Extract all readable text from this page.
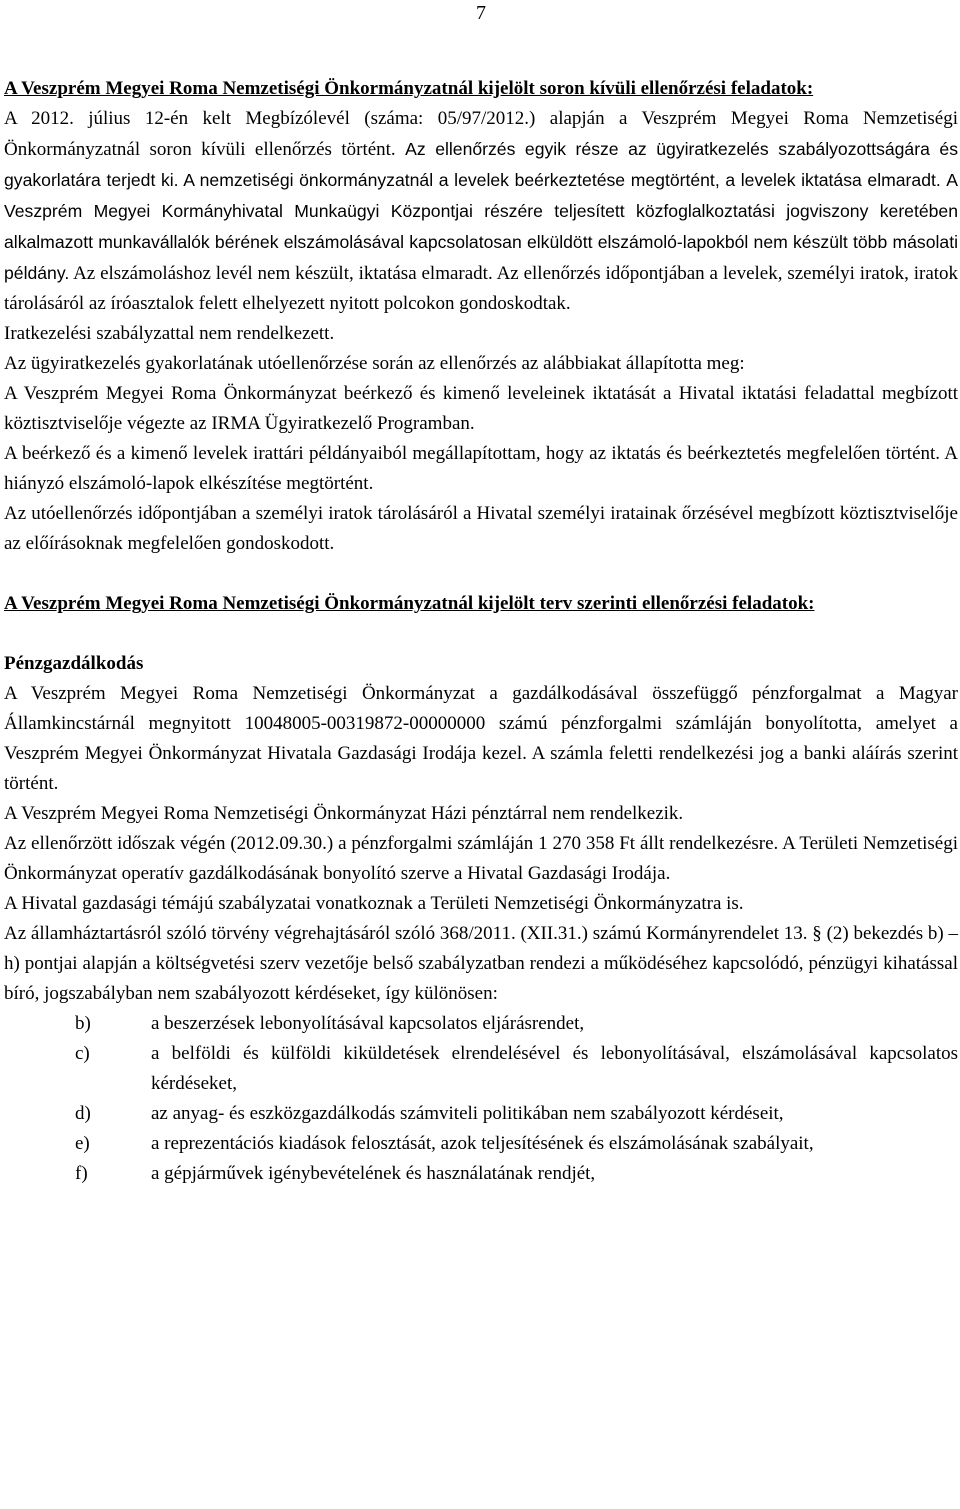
7

A Veszprém Megyei Roma Nemzetiségi Önkormányzatnál kijelölt soron kívüli ellenőrzési feladatok:

A 2012. július 12-én kelt Megbízólevél (száma: 05/97/2012.) alapján a Veszprém Megyei Roma Nemzetiségi Önkormányzatnál soron kívüli ellenőrzés történt. Az ellenőrzés egyik része az ügyiratkezelés szabályozottságára és gyakorlatára terjedt ki. A nemzetiségi önkormányzatnál a levelek beérkeztetése megtörtént, a levelek iktatása elmaradt. A Veszprém Megyei Kormányhivatal Munkaügyi Központjai részére teljesített közfoglalkoztatási jogviszony keretében alkalmazott munkavállalók bérének elszámolásával kapcsolatosan elküldött elszámoló-lapokból nem készült több másolati példány. Az elszámoláshoz levél nem készült, iktatása elmaradt. Az ellenőrzés időpontjában a levelek, személyi iratok, iratok tárolásáról az íróasztalok felett elhelyezett nyitott polcokon gondoskodtak.

Iratkezelési szabályzattal nem rendelkezett.

Az ügyiratkezelés gyakorlatának utóellenőrzése során az ellenőrzés az alábbiakat állapította meg:

A Veszprém Megyei Roma Önkormányzat beérkező és kimenő leveleinek iktatását a Hivatal iktatási feladattal megbízott köztisztviselője végezte az IRMA Ügyiratkezelő Programban.

A beérkező és a kimenő levelek irattári példányaiból megállapítottam, hogy az iktatás és beérkeztetés megfelelően történt. A hiányzó elszámoló-lapok elkészítése megtörtént.

Az utóellenőrzés időpontjában a személyi iratok tárolásáról a Hivatal személyi iratainak őrzésével megbízott köztisztviselője az előírásoknak megfelelően gondoskodott.

A Veszprém Megyei Roma Nemzetiségi Önkormányzatnál kijelölt terv szerinti ellenőrzési feladatok:

Pénzgazdálkodás

A Veszprém Megyei Roma Nemzetiségi Önkormányzat a gazdálkodásával összefüggő pénzforgalmat a Magyar Államkincstárnál megnyitott 10048005-00319872-00000000 számú pénzforgalmi számláján bonyolította, amelyet a Veszprém Megyei Önkormányzat Hivatala Gazdasági Irodája kezel. A számla feletti rendelkezési jog a banki aláírás szerint történt.

A Veszprém Megyei Roma Nemzetiségi Önkormányzat Házi pénztárral nem rendelkezik.

Az ellenőrzött időszak végén (2012.09.30.) a pénzforgalmi számláján 1 270 358 Ft állt rendelkezésre. A Területi Nemzetiségi Önkormányzat operatív gazdálkodásának bonyolító szerve a Hivatal Gazdasági Irodája.

A Hivatal gazdasági témájú szabályzatai vonatkoznak a Területi Nemzetiségi Önkormányzatra is.

Az államháztartásról szóló törvény végrehajtásáról szóló 368/2011. (XII.31.) számú Kormányrendelet 13. § (2) bekezdés b) – h) pontjai alapján a költségvetési szerv vezetője belső szabályzatban rendezi a működéséhez kapcsolódó, pénzügyi kihatással bíró, jogszabályban nem szabályozott kérdéseket, így különösen:

b)	a beszerzések lebonyolításával kapcsolatos eljárásrendet,
c)	a belföldi és külföldi kiküldetések elrendelésével és lebonyolításával, elszámolásával kapcsolatos kérdéseket,
d)	az anyag- és eszközgazdálkodás számviteli politikában nem szabályozott kérdéseit,
e)	a reprezentációs kiadások felosztását, azok teljesítésének és elszámolásának szabályait,
f)	a gépjárművek igénybevételének és használatának rendjét,
